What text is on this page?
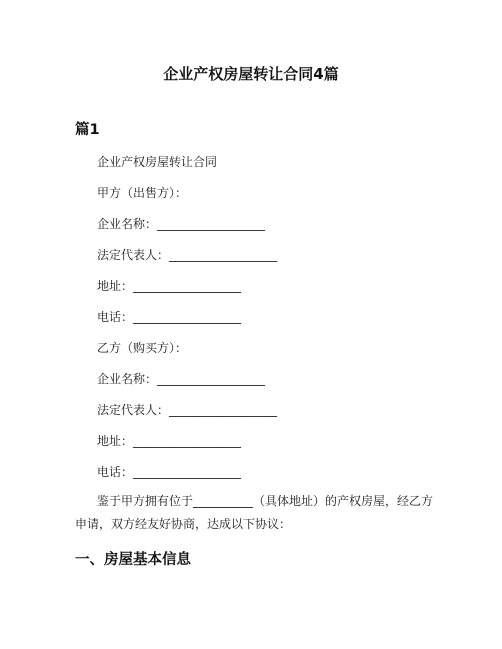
企业产权房屋转让合同4篇
篇1
企业产权房屋转让合同
甲方（出售方）：
企业名称：__________________
法定代表人：__________________
地址：__________________
电话：__________________
乙方（购买方）：
企业名称：__________________
法定代表人：__________________
地址：__________________
电话：__________________
鉴于甲方拥有位于__________（具体地址）的产权房屋，经乙方申请，双方经友好协商，达成以下协议：
一、房屋基本信息
